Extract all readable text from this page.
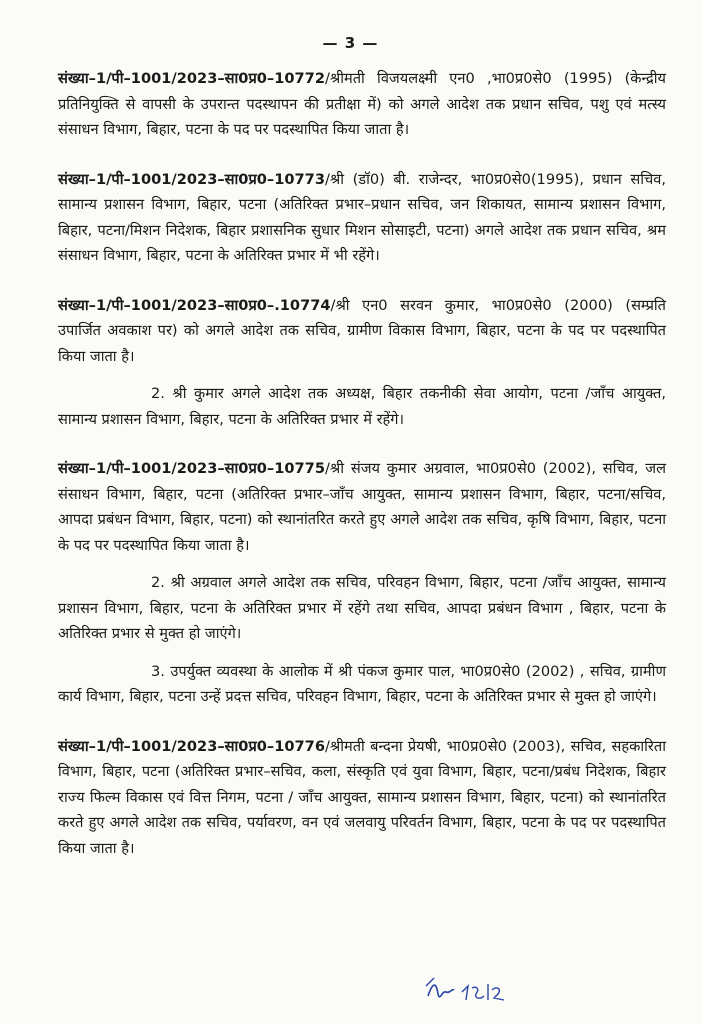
— 3 —

संख्या–1/पी–1001/2023–सा0प्र0–10772/श्रीमती विजयलक्ष्मी एन0 ,भा0प्र0से0 (1995) (केन्द्रीय प्रतिनियुक्ति से वापसी के उपरान्त पदस्थापन की प्रतीक्षा में) को अगले आदेश तक प्रधान सचिव, पशु एवं मत्स्य संसाधन विभाग, बिहार, पटना के पद पर पदस्थापित किया जाता है।

संख्या–1/पी–1001/2023–सा0प्र0–10773/श्री (डॉ0) बी. राजेन्दर, भा0प्र0से0(1995), प्रधान सचिव, सामान्य प्रशासन विभाग, बिहार, पटना (अतिरिक्त प्रभार–प्रधान सचिव, जन शिकायत, सामान्य प्रशासन विभाग, बिहार, पटना/मिशन निदेशक, बिहार प्रशासनिक सुधार मिशन सोसाइटी, पटना) अगले आदेश तक प्रधान सचिव, श्रम संसाधन विभाग, बिहार, पटना के अतिरिक्त प्रभार में भी रहेंगे।

संख्या–1/पी–1001/2023–सा0प्र0–.10774/श्री एन0 सरवन कुमार, भा0प्र0से0 (2000) (सम्प्रति उपार्जित अवकाश पर) को अगले आदेश तक सचिव, ग्रामीण विकास विभाग, बिहार, पटना के पद पर पदस्थापित किया जाता है।

2. श्री कुमार अगले आदेश तक अध्यक्ष, बिहार तकनीकी सेवा आयोग, पटना /जाँच आयुक्त, सामान्य प्रशासन विभाग, बिहार, पटना के अतिरिक्त प्रभार में रहेंगे।

संख्या–1/पी–1001/2023–सा0प्र0–10775/श्री संजय कुमार अग्रवाल, भा0प्र0से0 (2002), सचिव, जल संसाधन विभाग, बिहार, पटना (अतिरिक्त प्रभार–जाँच आयुक्त, सामान्य प्रशासन विभाग, बिहार, पटना/सचिव, आपदा प्रबंधन विभाग, बिहार, पटना) को स्थानांतरित करते हुए अगले आदेश तक सचिव, कृषि विभाग, बिहार, पटना के पद पर पदस्थापित किया जाता है।

2. श्री अग्रवाल अगले आदेश तक सचिव, परिवहन विभाग, बिहार, पटना /जाँच आयुक्त, सामान्य प्रशासन विभाग, बिहार, पटना के अतिरिक्त प्रभार में रहेंगे तथा सचिव, आपदा प्रबंधन विभाग , बिहार, पटना के अतिरिक्त प्रभार से मुक्त हो जाएंगे।

3. उपर्युक्त व्यवस्था के आलोक में श्री पंकज कुमार पाल, भा0प्र0से0 (2002) , सचिव, ग्रामीण कार्य विभाग, बिहार, पटना उन्हें प्रदत्त सचिव, परिवहन विभाग, बिहार, पटना के अतिरिक्त प्रभार से मुक्त हो जाएंगे।

संख्या–1/पी–1001/2023–सा0प्र0–10776/श्रीमती बन्दना प्रेयषी, भा0प्र0से0 (2003), सचिव, सहकारिता विभाग, बिहार, पटना (अतिरिक्त प्रभार–सचिव, कला, संस्कृति एवं युवा विभाग, बिहार, पटना/प्रबंध निदेशक, बिहार राज्य फिल्म विकास एवं वित्त निगम, पटना / जाँच आयुक्त, सामान्य प्रशासन विभाग, बिहार, पटना) को स्थानांतरित करते हुए अगले आदेश तक सचिव, पर्यावरण, वन एवं जलवायु परिवर्तन विभाग, बिहार, पटना के पद पर पदस्थापित किया जाता है।
